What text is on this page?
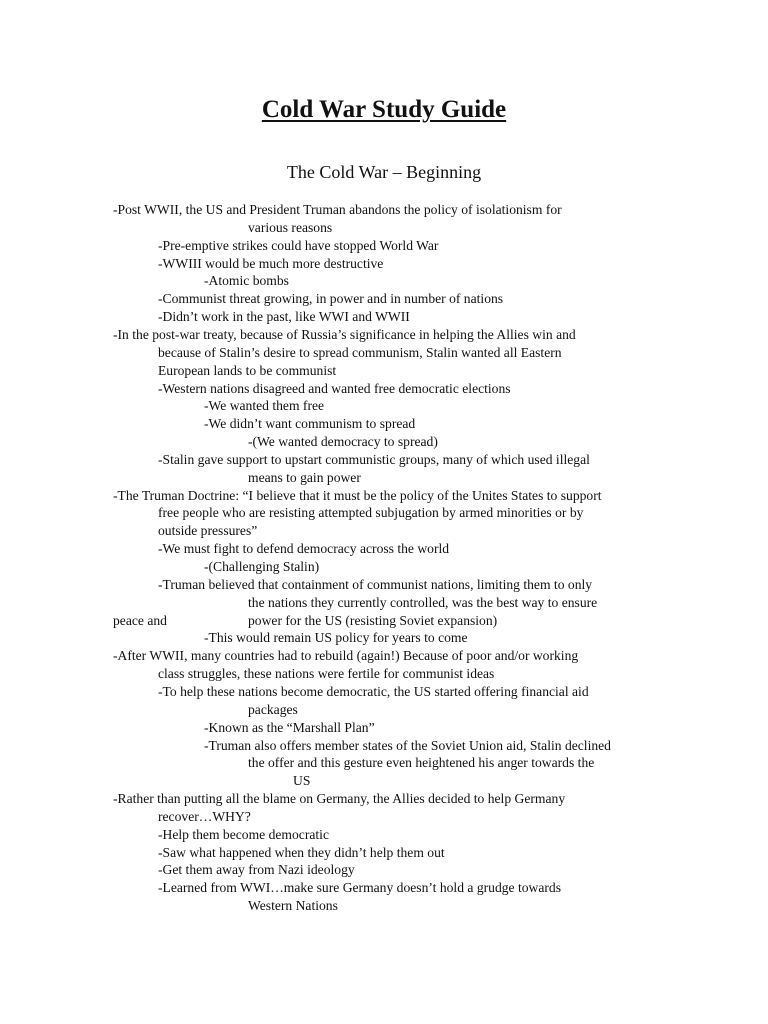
Cold War Study Guide
The Cold War – Beginning
-Post WWII, the US and President Truman abandons the policy of isolationism for
various reasons
-Pre-emptive strikes could have stopped World War
-WWIII would be much more destructive
-Atomic bombs
-Communist threat growing, in power and in number of nations
-Didn’t work in the past, like WWI and WWII
-In the post-war treaty, because of Russia’s significance in helping the Allies win and
because of Stalin’s desire to spread communism, Stalin wanted all Eastern
European lands to be communist
-Western nations disagreed and wanted free democratic elections
-We wanted them free
-We didn’t want communism to spread
-(We wanted democracy to spread)
-Stalin gave support to upstart communistic groups, many of which used illegal
means to gain power
-The Truman Doctrine: “I believe that it must be the policy of the Unites States to support
free people who are resisting attempted subjugation by armed minorities or by
outside pressures”
-We must fight to defend democracy across the world
-(Challenging Stalin)
-Truman believed that containment of communist nations, limiting them to only
the nations they currently controlled, was the best way to ensure
peace and	power for the US (resisting Soviet expansion)
-This would remain US policy for years to come
-After WWII, many countries had to rebuild (again!) Because of poor and/or working
class struggles, these nations were fertile for communist ideas
-To help these nations become democratic, the US started offering financial aid
packages
-Known as the “Marshall Plan”
-Truman also offers member states of the Soviet Union aid, Stalin declined
the offer and this gesture even heightened his anger towards the
US
-Rather than putting all the blame on Germany, the Allies decided to help Germany
recover…WHY?
-Help them become democratic
-Saw what happened when they didn’t help them out
-Get them away from Nazi ideology
-Learned from WWI…make sure Germany doesn’t hold a grudge towards
Western Nations
